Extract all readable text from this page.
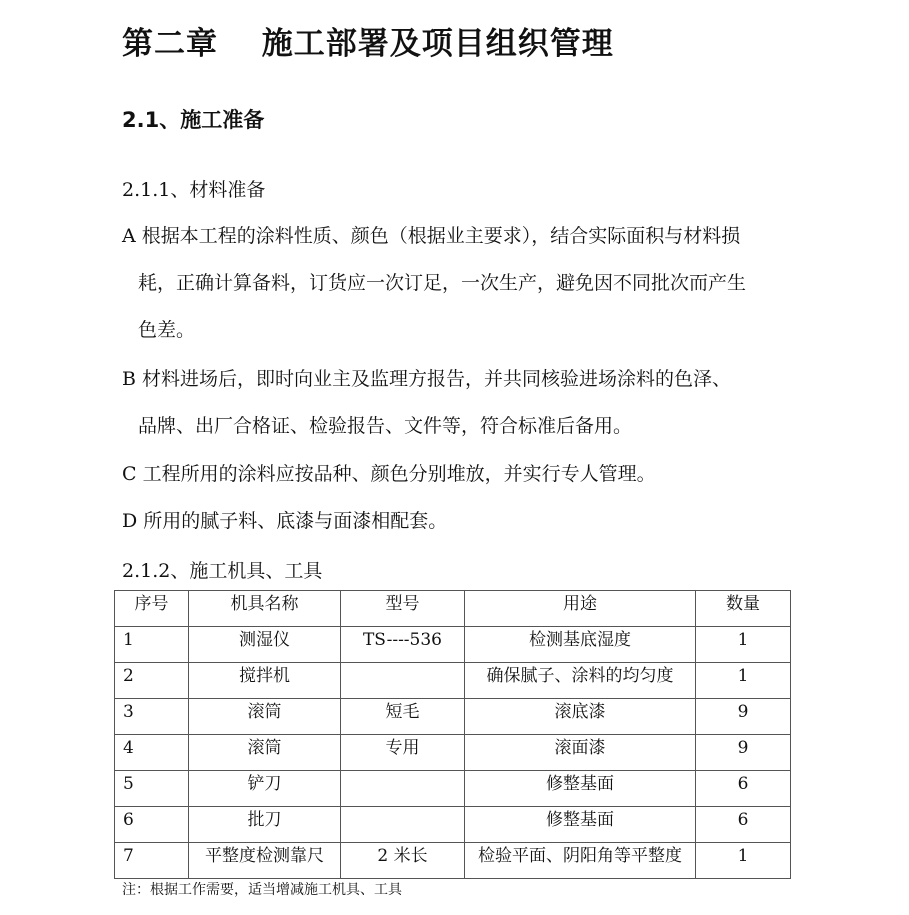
第二章　 施工部署及项目组织管理
2.1、施工准备
2.1.1、材料准备
A 根据本工程的涂料性质、颜色（根据业主要求），结合实际面积与材料损
耗，正确计算备料，订货应一次订足，一次生产，避免因不同批次而产生
色差。
B 材料进场后，即时向业主及监理方报告，并共同核验进场涂料的色泽、
品牌、出厂合格证、检验报告、文件等，符合标准后备用。
C 工程所用的涂料应按品种、颜色分别堆放，并实行专人管理。
D 所用的腻子料、底漆与面漆相配套。
2.1.2、施工机具、工具
序号	机具名称	型号	用途	数量
1	测湿仪	TS----536	检测基底湿度	1
2	搅拌机		确保腻子、涂料的均匀度	1
3	滚筒	短毛	滚底漆	9
4	滚筒	专用	滚面漆	9
5	铲刀		修整基面	6
6	批刀		修整基面	6
7	平整度检测靠尺	2 米长	检验平面、阴阳角等平整度	1
注：根据工作需要，适当增减施工机具、工具
